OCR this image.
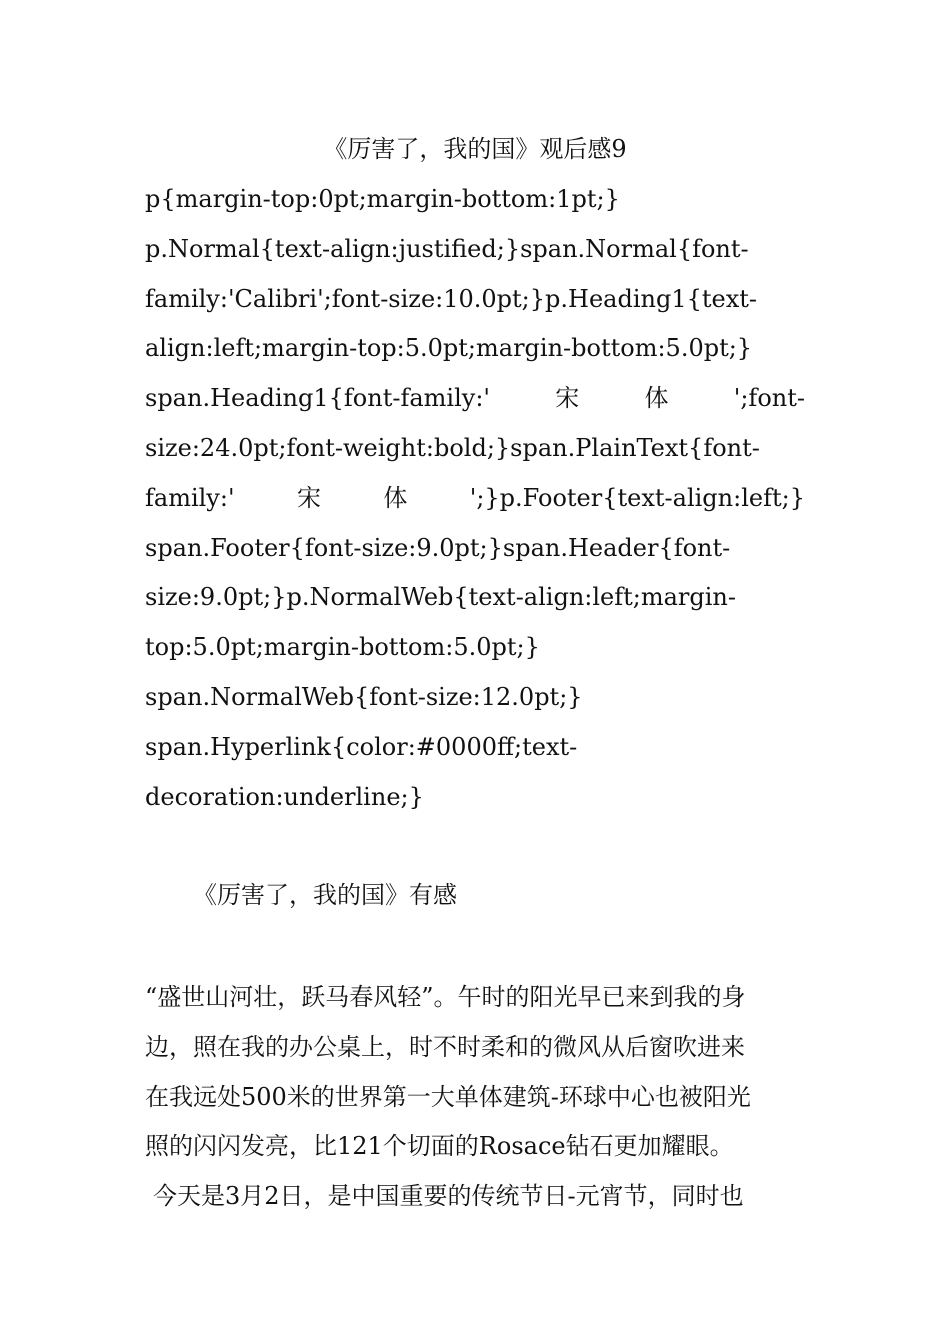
《厉害了，我的国》观后感9
p{margin-top:0pt;margin-bottom:1pt;}
p.Normal{text-align:justified;}span.Normal{font-
family:'Calibri';font-size:10.0pt;}p.Heading1{text-
align:left;margin-top:5.0pt;margin-bottom:5.0pt;}
span.Heading1{font-family:'	宋	体	';font-
size:24.0pt;font-weight:bold;}span.PlainText{font-
family:'	宋	体	';}p.Footer{text-align:left;}
span.Footer{font-size:9.0pt;}span.Header{font-
size:9.0pt;}p.NormalWeb{text-align:left;margin-
top:5.0pt;margin-bottom:5.0pt;}
span.NormalWeb{font-size:12.0pt;}
span.Hyperlink{color:#0000ff;text-
decoration:underline;}

《厉害了，我的国》有感

“盛世山河壮，跃马春风轻”。午时的阳光早已来到我的身
边，照在我的办公桌上，时不时柔和的微风从后窗吹进来
在我远处500米的世界第一大单体建筑-环球中心也被阳光
照的闪闪发亮，比121个切面的Rosace钻石更加耀眼。
今天是3月2日，是中国重要的传统节日-元宵节，同时也
